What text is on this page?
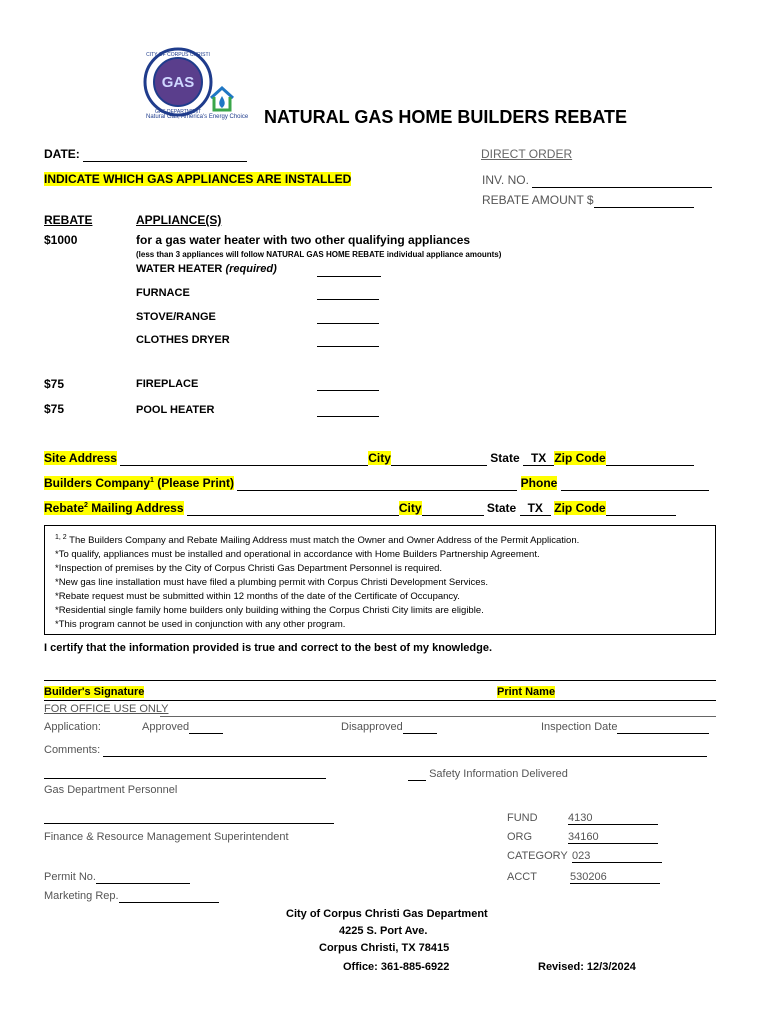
GAS
CITY OF CORPUS CHRISTI
GAS DEPARTMENT
Natural Gas, America's Energy Choice NATURAL GAS HOME BUILDERS REBATE
DATE:	DIRECT ORDER
INDICATE WHICH GAS APPLIANCES ARE INSTALLED	INV. NO.
REBATE AMOUNT $
REBATE	APPLIANCE(S)
$1000	for a gas water heater with two other qualifying appliances
(less than 3 appliances will follow NATURAL GAS HOME REBATE individual appliance amounts)
WATER HEATER (required)
FURNACE
STOVE/RANGE
CLOTHES DRYER
$75	FIREPLACE
$75	POOL HEATER
Site Address	City	State TX Zip Code
Builders Company$^1$ (Please Print)	Phone
Rebate$^2$ Mailing Address	City	State TX Zip Code
$^{1, 2}$ The Builders Company and Rebate Mailing Address must match the Owner and Owner Address of the Permit Application.
*To qualify, appliances must be installed and operational in accordance with Home Builders Partnership Agreement.
*Inspection of premises by the City of Corpus Christi Gas Department Personnel is required.
*New gas line installation must have filed a plumbing permit with Corpus Christi Development Services.
*Rebate request must be submitted within 12 months of the date of the Certificate of Occupancy.
*Residential single family home builders only building withing the Corpus Christi City limits are eligible.
*This program cannot be used in conjunction with any other program.
I certify that the information provided is true and correct to the best of my knowledge.
Builder's Signature	Print Name
FOR OFFICE USE ONLY
Application:	Approved	Disapproved	Inspection Date
Comments:
Safety Information Delivered
Gas Department Personnel
Finance & Resource Management Superintendent
FUND	4130
ORG	34160
CATEGORY 023
ACCT	530206
Permit No.
Marketing Rep.
City of Corpus Christi Gas Department
4225 S. Port Ave.
Corpus Christi, TX 78415
Office: 361-885-6922	Revised: 12/3/2024
